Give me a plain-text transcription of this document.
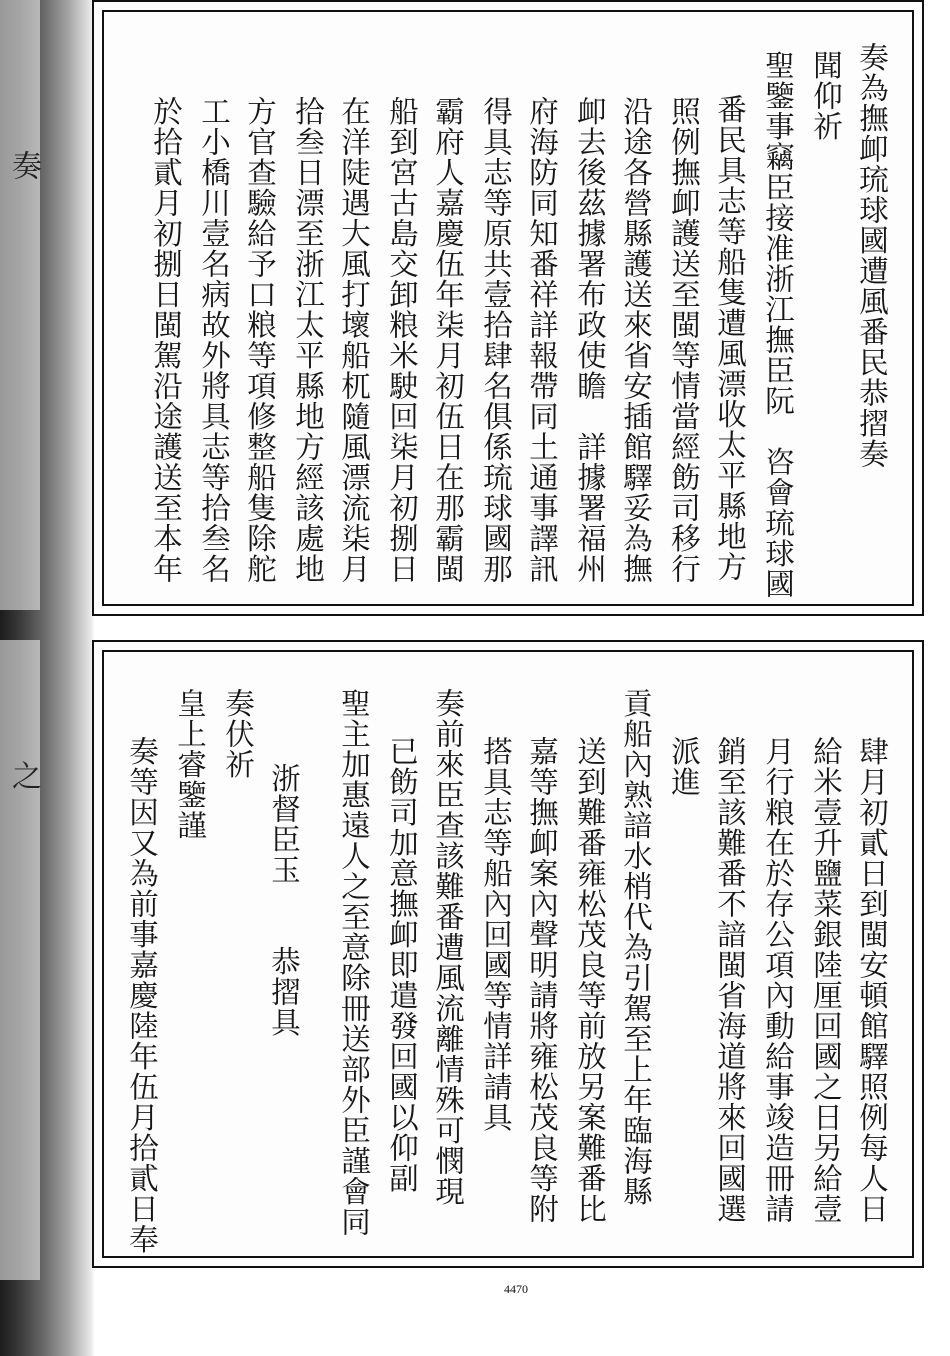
奏
之
奏為撫卹琉球國遭風番民恭摺奏
聞仰祈
聖鑒事竊臣接准浙江撫臣阮　咨會琉球國
番民具志等船隻遭風漂收太平縣地方
照例撫卹護送至閩等情當經飭司移行
沿途各營縣護送來省安插館驛妥為撫
卹去後茲據署布政使瞻　詳據署福州
府海防同知番祥詳報帶同土通事譯訊
得具志等原共壹拾肆名俱係琉球國那
霸府人嘉慶伍年柒月初伍日在那霸閩
船到宮古島交卸粮米駛回柒月初捌日
在洋陡遇大風打壞船杌隨風漂流柒月
拾叁日漂至浙江太平縣地方經該處地
方官查驗給予口粮等項修整船隻除舵
工小橋川壹名病故外將具志等拾叁名
於拾貳月初捌日閩駕沿途護送至本年
肆月初貳日到閩安頓館驛照例每人日
給米壹升鹽菜銀陸厘回國之日另給壹
月行粮在於存公項內動給事竣造冊請
銷至該難番不諳閩省海道將來回國選
派進
貢船內熟諳水梢代為引駕至上年臨海縣
送到難番雍松茂良等前放另案難番比
嘉等撫卹案內聲明請將雍松茂良等附
搭具志等船內回國等情詳請具
奏前來臣查該難番遭風流離情殊可憫現
已飭司加意撫卹即遣發回國以仰副
聖主加惠遠人之至意除冊送部外臣謹會同
　　浙督臣玉　　恭摺具
奏伏祈
皇上睿鑒謹
奏等因又為前事嘉慶陸年伍月拾貳日奉
4470
